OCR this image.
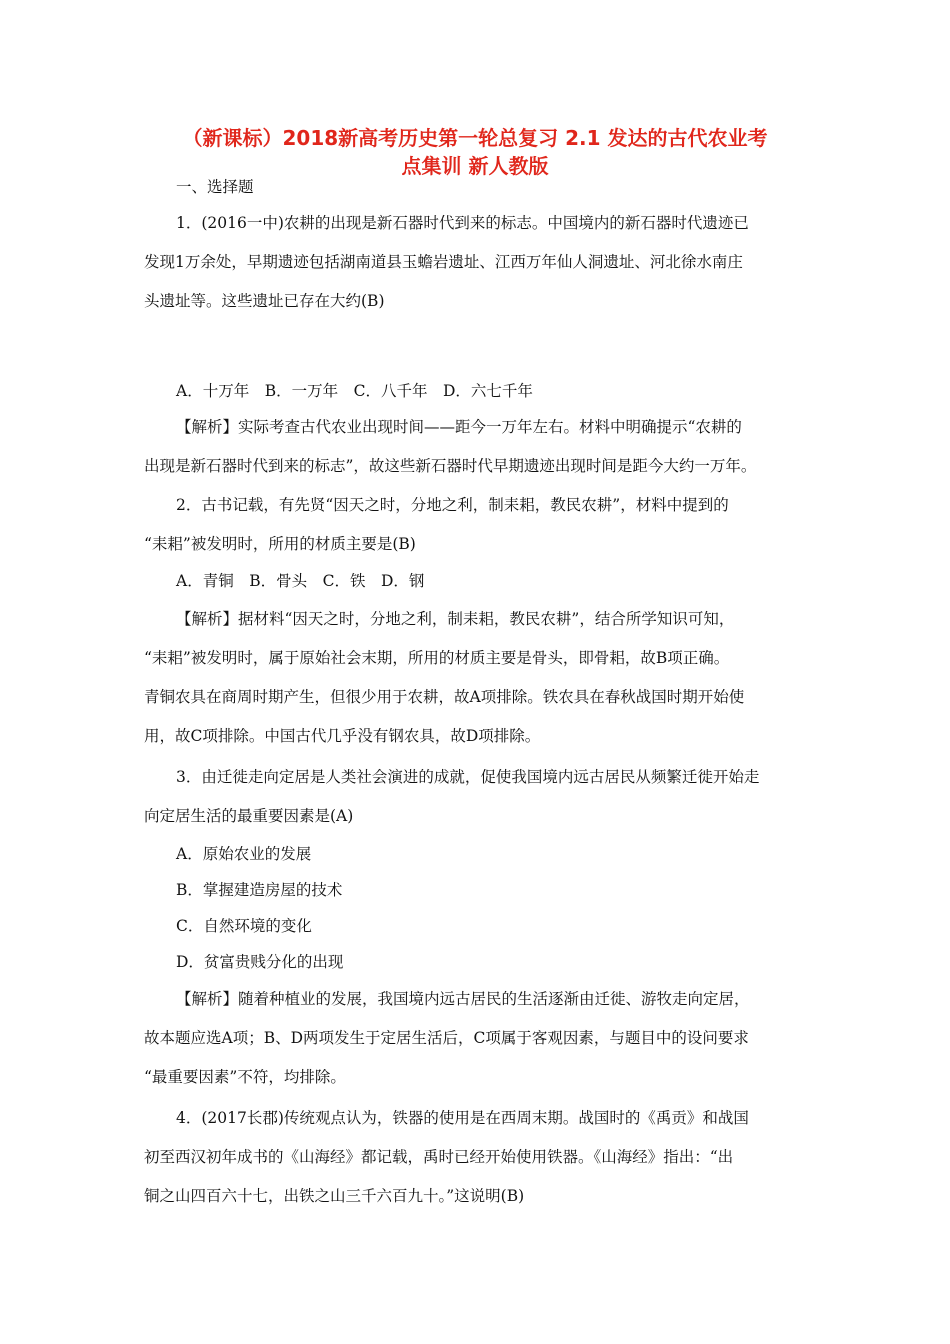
（新课标）2018新高考历史第一轮总复习 2.1 发达的古代农业考
点集训 新人教版
一、选择题
1．(2016一中)农耕的出现是新石器时代到来的标志。中国境内的新石器时代遗迹已
发现1万余处，早期遗迹包括湖南道县玉蟾岩遗址、江西万年仙人洞遗址、河北徐水南庄
头遗址等。这些遗址已存在大约(B)
A．十万年　B．一万年　C．八千年　D．六七千年
【解析】实际考查古代农业出现时间——距今一万年左右。材料中明确提示“农耕的
出现是新石器时代到来的标志”，故这些新石器时代早期遗迹出现时间是距今大约一万年。
2．古书记载，有先贤“因天之时，分地之利，制耒耜，教民农耕”，材料中提到的
“耒耜”被发明时，所用的材质主要是(B)
A．青铜　B．骨头　C．铁　D．钢
【解析】据材料“因天之时，分地之利，制耒耜，教民农耕”，结合所学知识可知，
“耒耜”被发明时，属于原始社会末期，所用的材质主要是骨头，即骨耜，故B项正确。
青铜农具在商周时期产生，但很少用于农耕，故A项排除。铁农具在春秋战国时期开始使
用，故C项排除。中国古代几乎没有钢农具，故D项排除。
3．由迁徙走向定居是人类社会演进的成就，促使我国境内远古居民从频繁迁徙开始走
向定居生活的最重要因素是(A)
A．原始农业的发展
B．掌握建造房屋的技术
C．自然环境的变化
D．贫富贵贱分化的出现
【解析】随着种植业的发展，我国境内远古居民的生活逐渐由迁徙、游牧走向定居，
故本题应选A项；B、D两项发生于定居生活后，C项属于客观因素，与题目中的设问要求
“最重要因素”不符，均排除。
4．(2017长郡)传统观点认为，铁器的使用是在西周末期。战国时的《禹贡》和战国
初至西汉初年成书的《山海经》都记载，禹时已经开始使用铁器。《山海经》指出：“出
铜之山四百六十七，出铁之山三千六百九十。”这说明(B)
